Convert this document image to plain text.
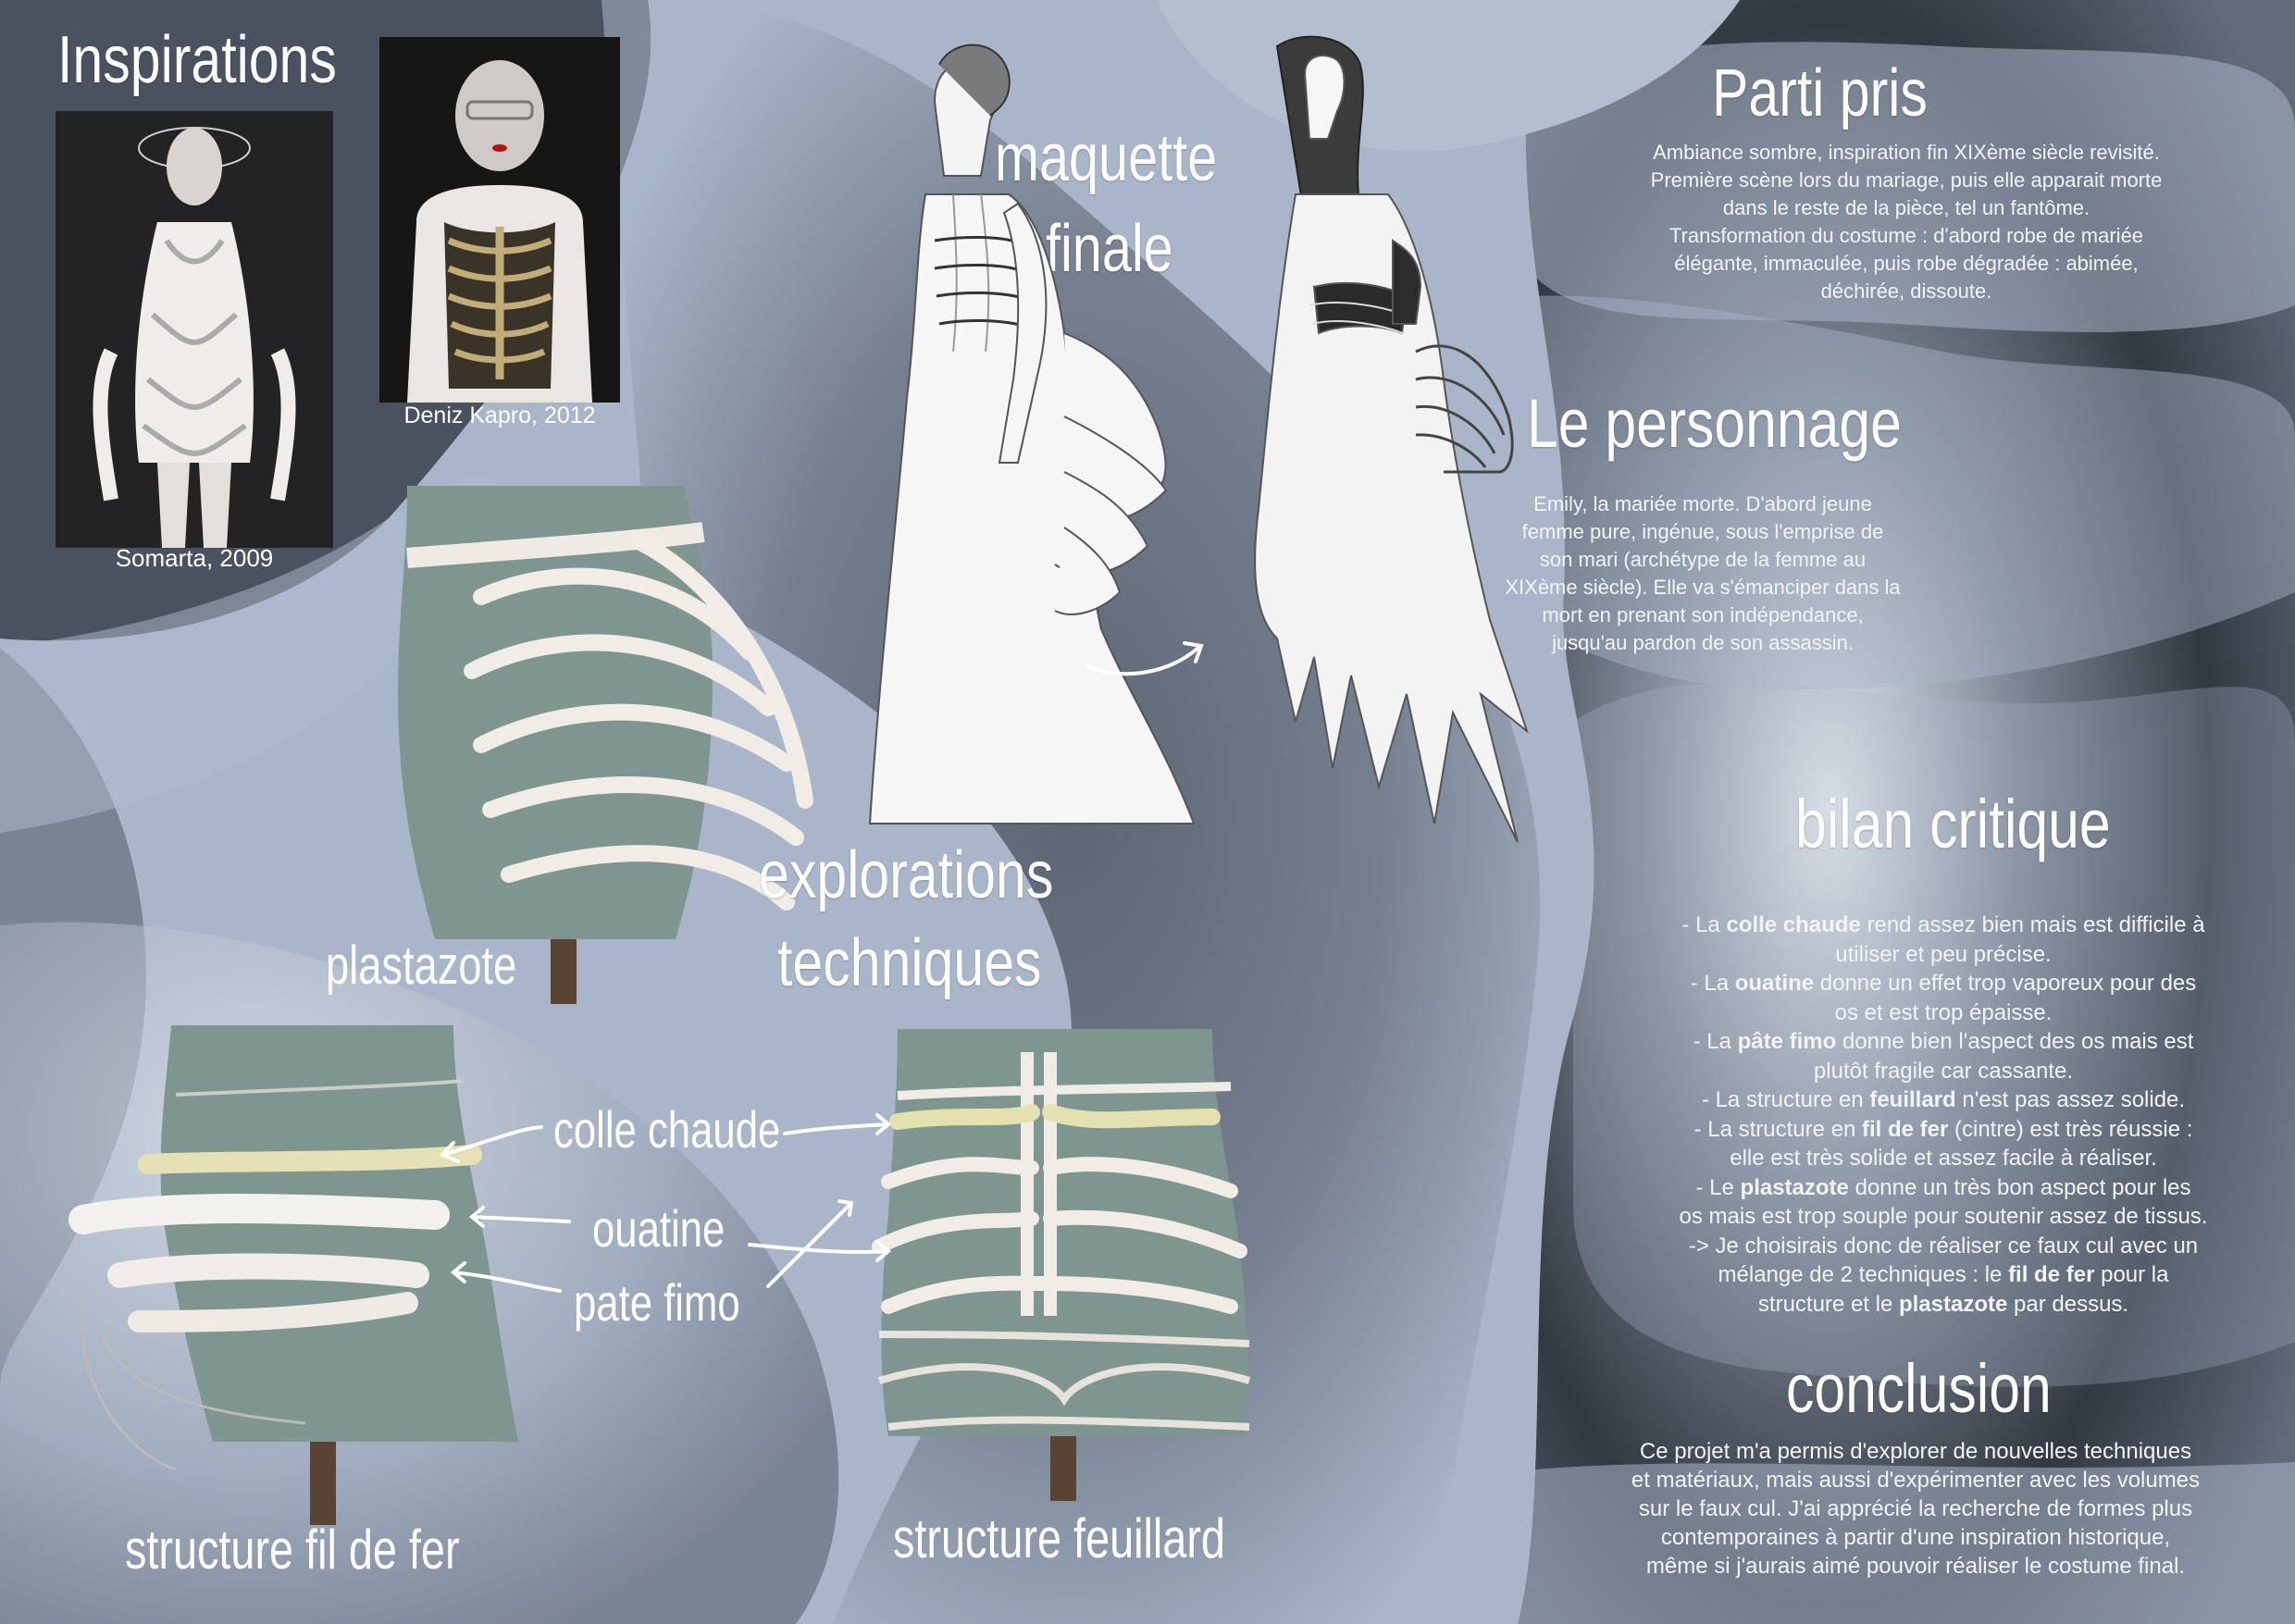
Inspirations
Somarta, 2009
Deniz Kapro, 2012
maquette
finale
Parti pris
Ambiance sombre, inspiration fin XIXème siècle revisité.
Première scène lors du mariage, puis elle apparait morte
dans le reste de la pièce, tel un fantôme.
Transformation du costume : d'abord robe de mariée
élégante, immaculée, puis robe dégradée : abimée,
déchirée, dissoute.
Le personnage
Emily, la mariée morte. D'abord jeune
femme pure, ingénue, sous l'emprise de
son mari (archétype de la femme au
XIXème siècle). Elle va s'émanciper dans la
mort en prenant son indépendance,
jusqu'au pardon de son assassin.
plastazote
explorations
techniques
structure fil de fer	structure feuillard
colle chaude
ouatine
pate fimo
bilan critique
- La colle chaude rend assez bien mais est difficile à
utiliser et peu précise.
- La ouatine donne un effet trop vaporeux pour des
os et est trop épaisse.
- La pâte fimo donne bien l'aspect des os mais est
plutôt fragile car cassante.
- La structure en feuillard n'est pas assez solide.
- La structure en fil de fer (cintre) est très réussie :
elle est très solide et assez facile à réaliser.
- Le plastazote donne un très bon aspect pour les
os mais est trop souple pour soutenir assez de tissus.
-> Je choisirais donc de réaliser ce faux cul avec un
mélange de 2 techniques : le fil de fer pour la
structure et le plastazote par dessus.
conclusion
Ce projet m'a permis d'explorer de nouvelles techniques
et matériaux, mais aussi d'expérimenter avec les volumes
sur le faux cul. J'ai apprécié la recherche de formes plus
contemporaines à partir d'une inspiration historique,
même si j'aurais aimé pouvoir réaliser le costume final.
